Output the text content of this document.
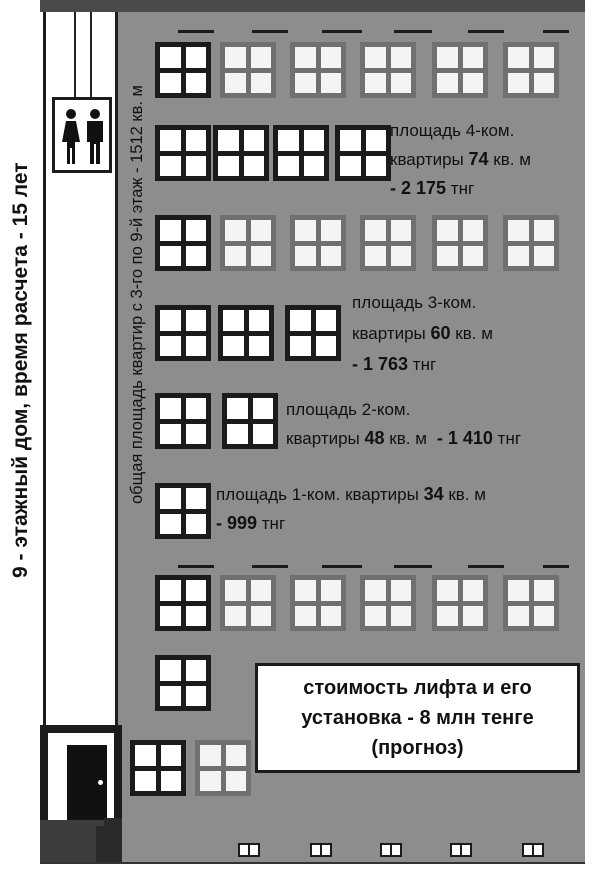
9 - этажный дом, время расчета - 15 лет	общая площадь квартир с 3-го по 9-й этаж - 1512 кв. м	площадь 4-ком.
квартиры 74 кв. м
- 2 175 тнг
площадь 3-ком.
квартиры 60 кв. м
- 1 763 тнг
площадь 2-ком.
квартиры 48 кв. м - 1 410 тнг
площадь 1-ком. квартиры 34 кв. м
- 999 тнг
стоимость лифта и его
установка - 8 млн тенге
(прогноз)
